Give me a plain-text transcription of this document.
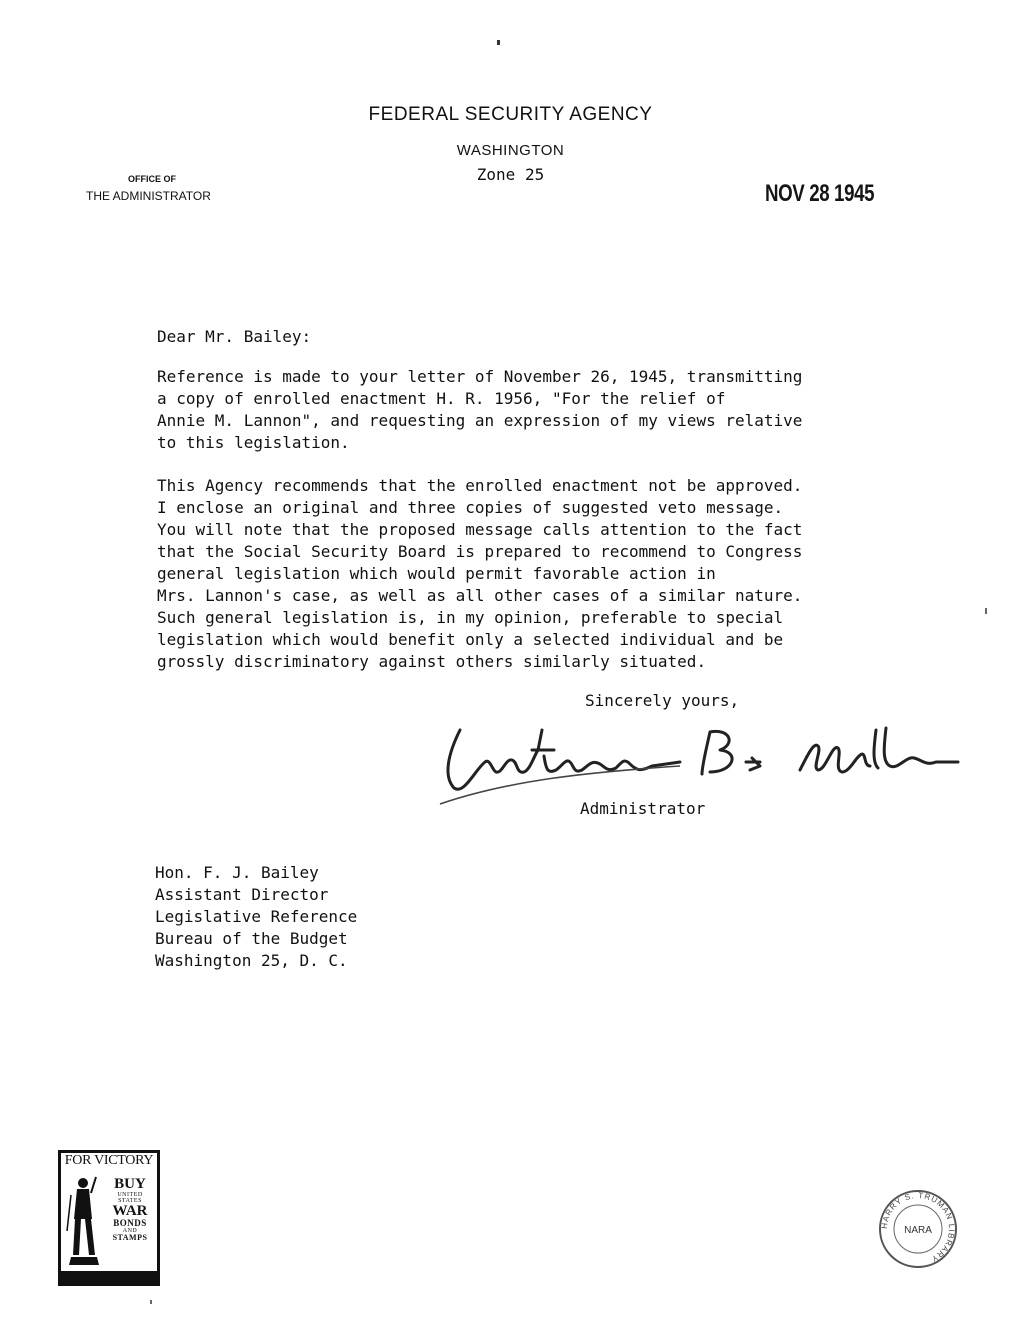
FEDERAL SECURITY AGENCY
WASHINGTON
Zone 25
OFFICE OF
THE ADMINISTRATOR	NOV 28 1945
Dear Mr. Bailey:
Reference is made to your letter of November 26, 1945, transmitting
a copy of enrolled enactment H. R. 1956, "For the relief of
Annie M. Lannon", and requesting an expression of my views relative
to this legislation.
This Agency recommends that the enrolled enactment not be approved.
I enclose an original and three copies of suggested veto message.
You will note that the proposed message calls attention to the fact
that the Social Security Board is prepared to recommend to Congress
general legislation which would permit favorable action in
Mrs. Lannon's case, as well as all other cases of a similar nature.
Such general legislation is, in my opinion, preferable to special
legislation which would benefit only a selected individual and be
grossly discriminatory against others similarly situated.
Sincerely yours,
Administrator
Hon. F. J. Bailey
Assistant Director
Legislative Reference
Bureau of the Budget
Washington 25, D. C.
FOR VICTORY
BUY
UNITED
STATES
WAR
BONDS
AND
STAMPS
HARRY S. TRUMAN LIBRARY
NARA
